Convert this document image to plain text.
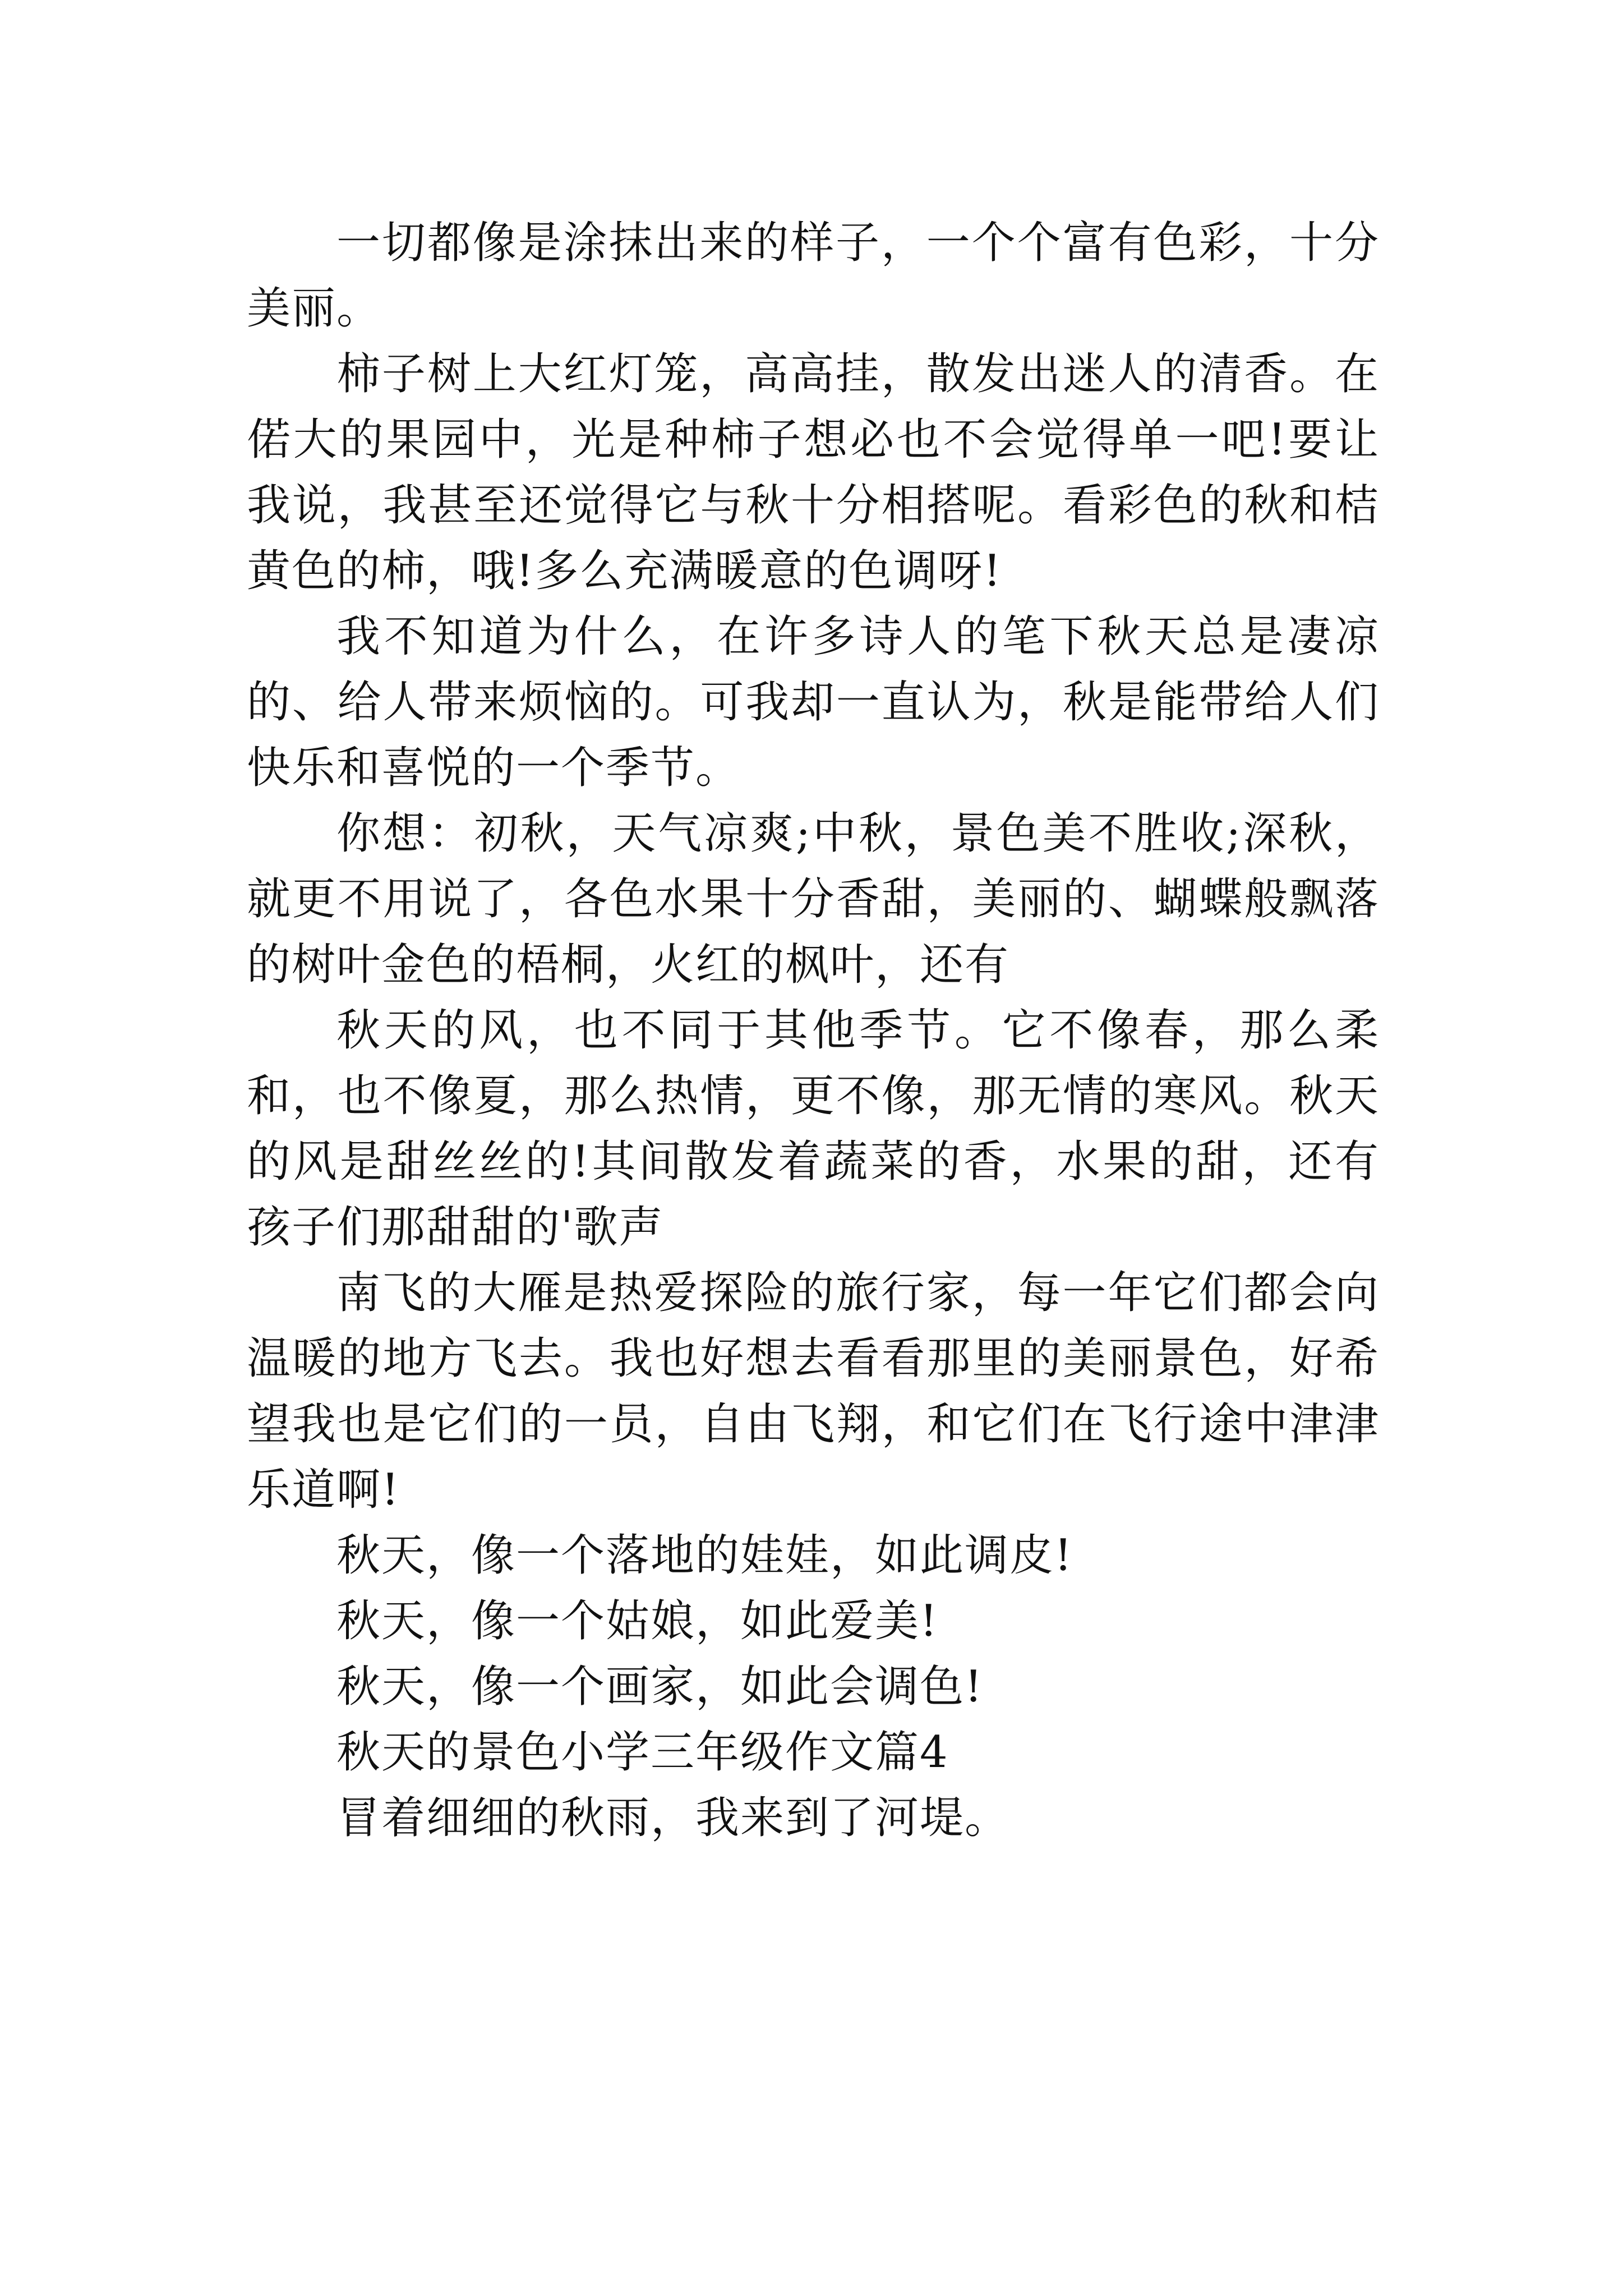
一切都像是涂抹出来的样子，一个个富有色彩，十分美丽。

柿子树上大红灯笼，高高挂，散发出迷人的清香。在偌大的果园中，光是种柿子想必也不会觉得单一吧!要让我说，我甚至还觉得它与秋十分相搭呢。看彩色的秋和桔黄色的柿，哦!多么充满暖意的色调呀!

我不知道为什么，在许多诗人的笔下秋天总是凄凉的、给人带来烦恼的。可我却一直认为，秋是能带给人们快乐和喜悦的一个季节。

你想：初秋，天气凉爽;中秋，景色美不胜收;深秋，就更不用说了，各色水果十分香甜，美丽的、蝴蝶般飘落的树叶金色的梧桐，火红的枫叶，还有

秋天的风，也不同于其他季节。它不像春，那么柔和，也不像夏，那么热情，更不像，那无情的寒风。秋天的风是甜丝丝的!其间散发着蔬菜的香，水果的甜，还有孩子们那甜甜的'歌声

南飞的大雁是热爱探险的旅行家，每一年它们都会向温暖的地方飞去。我也好想去看看那里的美丽景色，好希望我也是它们的一员，自由飞翔，和它们在飞行途中津津乐道啊!

秋天，像一个落地的娃娃，如此调皮!

秋天，像一个姑娘，如此爱美!

秋天，像一个画家，如此会调色!

秋天的景色小学三年级作文篇4

冒着细细的秋雨，我来到了河堤。
